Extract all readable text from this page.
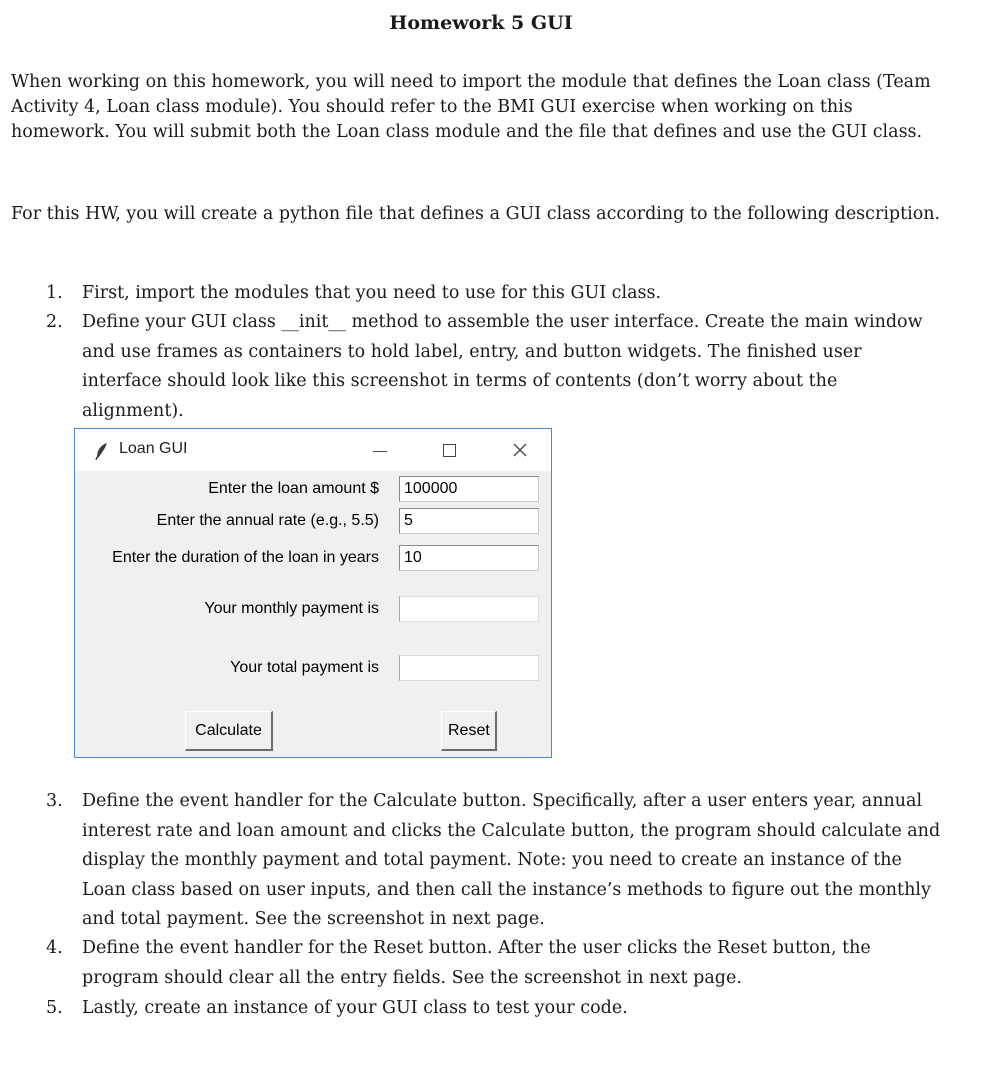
Homework 5 GUI
When working on this homework, you will need to import the module that defines the Loan class (Team Activity 4, Loan class module). You should refer to the BMI GUI exercise when working on this homework. You will submit both the Loan class module and the file that defines and use the GUI class.
For this HW, you will create a python file that defines a GUI class according to the following description.
1. First, import the modules that you need to use for this GUI class.
2. Define your GUI class __init__ method to assemble the user interface. Create the main window and use frames as containers to hold label, entry, and button widgets. The finished user interface should look like this screenshot in terms of contents (don’t worry about the alignment).
Loan GUI
Enter the loan amount $
100000
Enter the annual rate (e.g., 5.5)
5
Enter the duration of the loan in years
10
Your monthly payment is
Your total payment is
Calculate	Reset
3. Define the event handler for the Calculate button. Specifically, after a user enters year, annual interest rate and loan amount and clicks the Calculate button, the program should calculate and display the monthly payment and total payment. Note: you need to create an instance of the Loan class based on user inputs, and then call the instance’s methods to figure out the monthly and total payment. See the screenshot in next page.
4. Define the event handler for the Reset button. After the user clicks the Reset button, the program should clear all the entry fields. See the screenshot in next page.
5. Lastly, create an instance of your GUI class to test your code.
